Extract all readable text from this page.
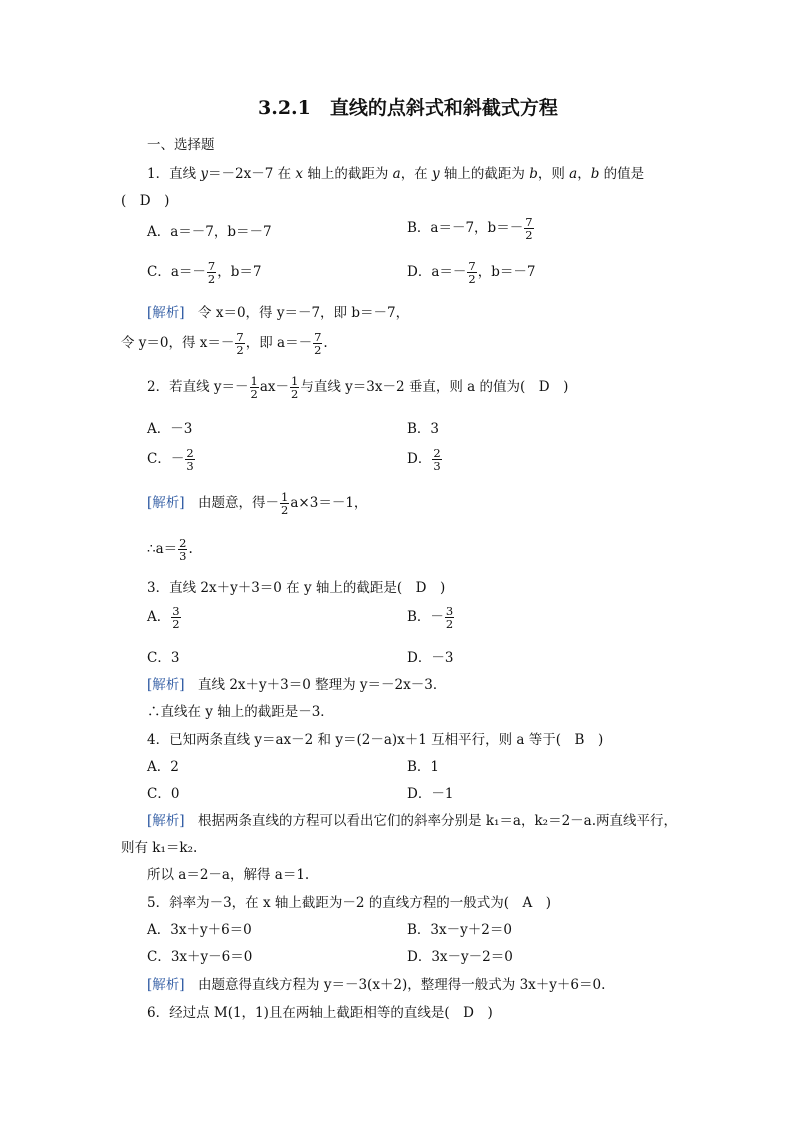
3.2.1　直线的点斜式和斜截式方程
一、选择题
1．直线 y＝－2x－7 在 x 轴上的截距为 a，在 y 轴上的截距为 b，则 a，b 的值是
(　D　)
A．a＝－7，b＝－7	B．a＝－7，$b=- \frac{7}{2}$
C．$a=- \frac{7}{2}$ ，b＝7	D．$a=- \frac{7}{2}$ ，b＝－7
[解析]　 令 x＝0，得 y＝－7，即 b＝－7，
令 y＝0，得 $x=- \frac{7}{2}$ ，即 $a=- \frac{7}{2}$ .
2．若直线 $y=- \frac{1}{2} ax- \frac{1}{2}$ 与直线 y＝3x－2 垂直，则 a 的值为(　D　)
A．－3	B．3
C．－ $\frac{2}{3}$	D． $\frac{2}{3}$
[解析]　 由题意，得－ $\frac{1}{2} a\times 3=-1$，
∴a＝ $\frac{2}{3}$ .
3．直线 2x＋y＋3＝0 在 y 轴上的截距是(　D　)
A． $\frac{3}{2}$	B．－ $\frac{3}{2}$
C．3	D．－3
[解析]　 直线 2x＋y＋3＝0 整理为 y＝－2x－3．
∴直线在 y 轴上的截距是－3．
4．已知两条直线 y＝ax－2 和 y＝(2－a)x＋1 互相平行，则 a 等于(　B　)
A．2	B．1
C．0	D．－1
[解析]　 根据两条直线的方程可以看出它们的斜率分别是 k₁＝a，k₂＝2－a.两直线平行，
则有 k₁＝k₂.
所以 a＝2－a，解得 a＝1.
5．斜率为－3，在 x 轴上截距为－2 的直线方程的一般式为(　A　)
A．3x＋y＋6＝0	B．3x－y＋2＝0
C．3x＋y－6＝0	D．3x－y－2＝0
[解析]　 由题意得直线方程为 y＝－3(x＋2)，整理得一般式为 3x＋y＋6＝0.
6．经过点 M(1，1)且在两轴上截距相等的直线是(　D　)
